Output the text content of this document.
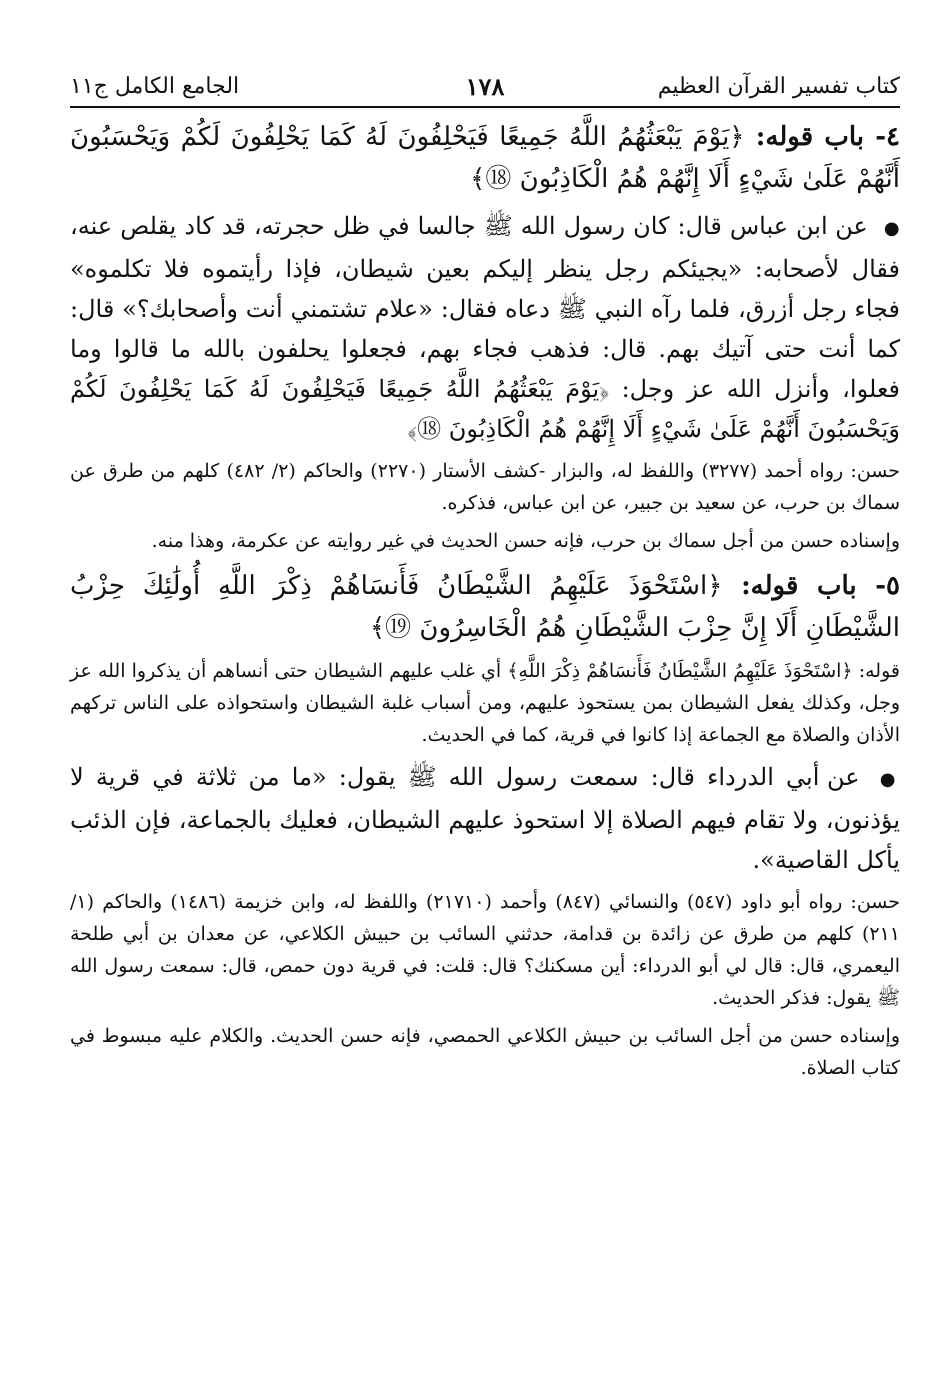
كتاب تفسير القرآن العظيم
١٧٨
الجامع الكامل ج١١
٤- باب قوله: ﴿يَوْمَ يَبْعَثُهُمُ اللَّهُ جَمِيعًا فَيَحْلِفُونَ لَهُ كَمَا يَحْلِفُونَ لَكُمْ وَيَحْسَبُونَ أَنَّهُمْ عَلَىٰ شَيْءٍ أَلَا إِنَّهُمْ هُمُ الْكَاذِبُونَ ⑱﴾
● عن ابن عباس قال: كان رسول الله ﷺ جالسا في ظل حجرته، قد كاد يقلص عنه، فقال لأصحابه: «يجيئكم رجل ينظر إليكم بعين شيطان، فإذا رأيتموه فلا تكلموه» فجاء رجل أزرق، فلما رآه النبي ﷺ دعاه فقال: «علام تشتمني أنت وأصحابك؟» قال: كما أنت حتى آتيك بهم. قال: فذهب فجاء بهم، فجعلوا يحلفون بالله ما قالوا وما فعلوا، وأنزل الله عز وجل: ﴿يَوْمَ يَبْعَثُهُمُ اللَّهُ جَمِيعًا فَيَحْلِفُونَ لَهُ كَمَا يَحْلِفُونَ لَكُمْ وَيَحْسَبُونَ أَنَّهُمْ عَلَىٰ شَيْءٍ أَلَا إِنَّهُمْ هُمُ الْكَاذِبُونَ ⑱﴾
حسن: رواه أحمد (٣٢٧٧) واللفظ له، والبزار -كشف الأستار (٢٢٧٠) والحاكم (٢/ ٤٨٢) كلهم من طرق عن سماك بن حرب، عن سعيد بن جبير، عن ابن عباس، فذكره.
وإسناده حسن من أجل سماك بن حرب، فإنه حسن الحديث في غير روايته عن عكرمة، وهذا منه.
٥- باب قوله: ﴿اسْتَحْوَذَ عَلَيْهِمُ الشَّيْطَانُ فَأَنسَاهُمْ ذِكْرَ اللَّهِ أُولَٰئِكَ حِزْبُ الشَّيْطَانِ أَلَا إِنَّ حِزْبَ الشَّيْطَانِ هُمُ الْخَاسِرُونَ ⑲﴾
قوله: ﴿اسْتَحْوَذَ عَلَيْهِمُ الشَّيْطَانُ فَأَنسَاهُمْ ذِكْرَ اللَّهِ﴾ أي غلب عليهم الشيطان حتى أنساهم أن يذكروا الله عز وجل، وكذلك يفعل الشيطان بمن يستحوذ عليهم، ومن أسباب غلبة الشيطان واستحواذه على الناس تركهم الأذان والصلاة مع الجماعة إذا كانوا في قرية، كما في الحديث.
● عن أبي الدرداء قال: سمعت رسول الله ﷺ يقول: «ما من ثلاثة في قرية لا يؤذنون، ولا تقام فيهم الصلاة إلا استحوذ عليهم الشيطان، فعليك بالجماعة، فإن الذئب يأكل القاصية».
حسن: رواه أبو داود (٥٤٧) والنسائي (٨٤٧) وأحمد (٢١٧١٠) واللفظ له، وابن خزيمة (١٤٨٦) والحاكم (١/ ٢١١) كلهم من طرق عن زائدة بن قدامة، حدثني السائب بن حبيش الكلاعي، عن معدان بن أبي طلحة اليعمري، قال: قال لي أبو الدرداء: أين مسكنك؟ قال: قلت: في قرية دون حمص، قال: سمعت رسول الله ﷺ يقول: فذكر الحديث.
وإسناده حسن من أجل السائب بن حبيش الكلاعي الحمصي، فإنه حسن الحديث. والكلام عليه مبسوط في كتاب الصلاة.
